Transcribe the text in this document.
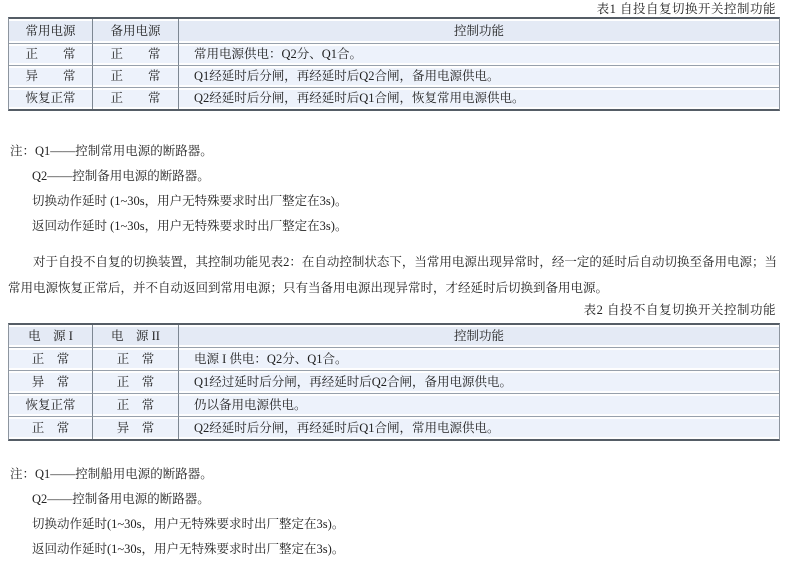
表1 自投自复切换开关控制功能
常用电源	备用电源	控制功能
正　　常	正　　常	常用电源供电：Q2分、Q1合。
异　　常	正　　常	Q1经延时后分闸，再经延时后Q2合闸，备用电源供电。
恢复正常	正　　常	Q2经延时后分闸，再经延时后Q1合闸，恢复常用电源供电。
注：Q1——控制常用电源的断路器。
Q2——控制备用电源的断路器。
切换动作延时 (1~30s，用户无特殊要求时出厂整定在3s)。
返回动作延时 (1~30s，用户无特殊要求时出厂整定在3s)。
对于自投不自复的切换装置，其控制功能见表2：在自动控制状态下，当常用电源出现异常时，经一定的延时后自动切换至备用电源；当常用电源恢复正常后，并不自动返回到常用电源；只有当备用电源出现异常时，才经延时后切换到备用电源。
表2 自投不自复切换开关控制功能
电　源 I	电　源 II	控制功能
正　常	正　常	电源 I 供电：Q2分、Q1合。
异　常	正　常	Q1经过延时后分闸，再经延时后Q2合闸，备用电源供电。
恢复正常	正　常	仍以备用电源供电。
正　常	异　常	Q2经延时后分闸，再经延时后Q1合闸，常用电源供电。
注：Q1——控制船用电源的断路器。
Q2——控制备用电源的断路器。
切换动作延时(1~30s，用户无特殊要求时出厂整定在3s)。
返回动作延时(1~30s，用户无特殊要求时出厂整定在3s)。
